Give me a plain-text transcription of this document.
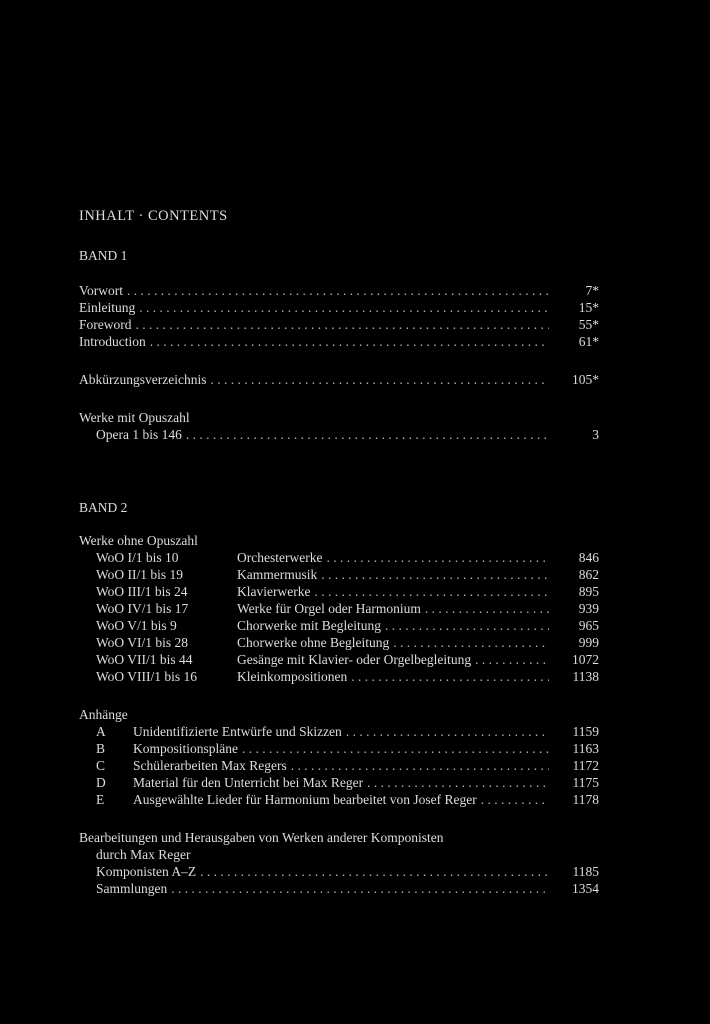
INHALT · CONTENTS
BAND 1
Vorwort . . .	7*
Einleitung . . .	15*
Foreword . . .	55*
Introduction . . .	61*
Abkürzungsverzeichnis . . .	105*
Werke mit Opuszahl
Opera 1 bis 146 . . .	3
BAND 2
Werke ohne Opuszahl
WoO I/1 bis 10	Orchesterwerke . . .	846
WoO II/1 bis 19	Kammermusik . . .	862
WoO III/1 bis 24	Klavierwerke . . .	895
WoO IV/1 bis 17	Werke für Orgel oder Harmonium . . .	939
WoO V/1 bis 9	Chorwerke mit Begleitung . . .	965
WoO VI/1 bis 28	Chorwerke ohne Begleitung . . .	999
WoO VII/1 bis 44	Gesänge mit Klavier- oder Orgelbegleitung . . .	1072
WoO VIII/1 bis 16	Kleinkompositionen . . .	1138
Anhänge
A	Unidentifizierte Entwürfe und Skizzen . . .	1159
B	Kompositionspläne . . .	1163
C	Schülerarbeiten Max Regers . . .	1172
D	Material für den Unterricht bei Max Reger . . .	1175
E	Ausgewählte Lieder für Harmonium bearbeitet von Josef Reger . . .	1178
Bearbeitungen und Herausgaben von Werken anderer Komponisten
durch Max Reger
Komponisten A–Z . . .	1185
Sammlungen . . .	1354
